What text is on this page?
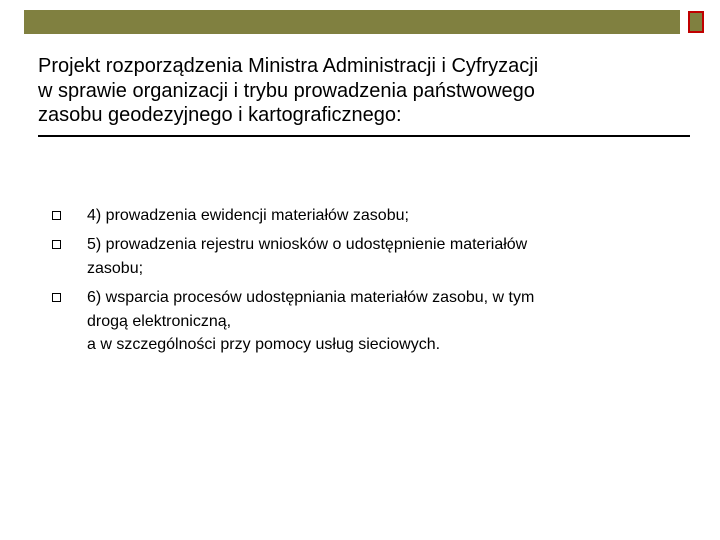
Projekt rozporządzenia Ministra Administracji i Cyfryzacji
w sprawie organizacji i trybu prowadzenia państwowego
zasobu geodezyjnego i kartograficznego:
4) prowadzenia ewidencji materiałów zasobu;
5) prowadzenia rejestru wniosków o udostępnienie materiałów
zasobu;
6) wsparcia procesów udostępniania materiałów zasobu, w tym
drogą elektroniczną,
a w szczególności przy pomocy usług sieciowych.
